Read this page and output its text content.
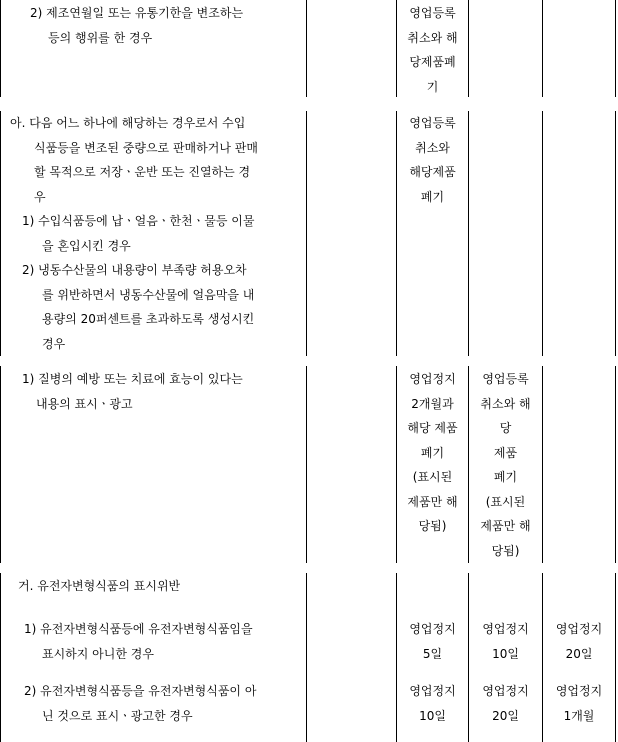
2) 제조연월일 또는 유통기한을 변조하는
등의 행위를 한 경우
영업등록
취소와 해
당제품폐
기
아. 다음 어느 하나에 해당하는 경우로서 수입
식품등을 변조된 중량으로 판매하거나 판매
할 목적으로 저장ㆍ운반 또는 진열하는 경
우
1) 수입식품등에 납ㆍ얼음ㆍ한천ㆍ물등 이물
을 혼입시킨 경우
2) 냉동수산물의 내용량이 부족량 허용오차
를 위반하면서 냉동수산물에 얼음막을 내
용량의 20퍼센트를 초과하도록 생성시킨
경우
영업등록
취소와
해당제품
폐기
1) 질병의 예방 또는 치료에 효능이 있다는
내용의 표시ㆍ광고
영업정지
2개월과
해당 제품
폐기
(표시된
제품만 해
당됨)
영업등록
취소와 해
당
제품
폐기
(표시된
제품만 해
당됨)
거. 유전자변형식품의 표시위반
1) 유전자변형식품등에 유전자변형식품임을
표시하지 아니한 경우
영업정지
5일
영업정지
10일
영업정지
20일
2) 유전자변형식품등을 유전자변형식품이 아
닌 것으로 표시ㆍ광고한 경우
영업정지
10일
영업정지
20일
영업정지
1개월
